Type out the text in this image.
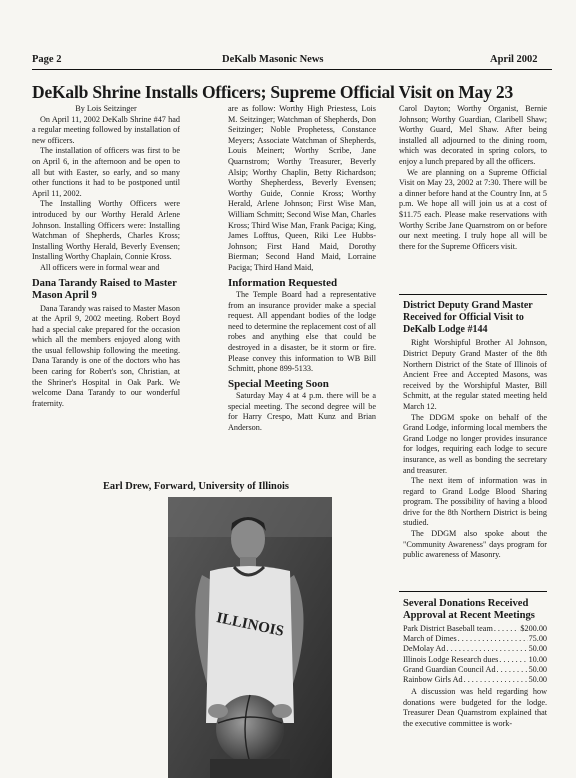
Page 2	DeKalb Masonic News	April 2002
DeKalb Shrine Installs Officers; Supreme Official Visit on May 23

By Lois Seitzinger

On April 11, 2002 DeKalb Shrine #47 had a regular meeting followed by installation of new officers.

The installation of officers was first to be on April 6, in the afternoon and be open to all but with Easter, so early, and so many other functions it had to be postponed until April 11, 2002.

The Installing Worthy Officers were introduced by our Worthy Herald Arlene Johnson. Installing Officers were: Installing Watchman of Shepherds, Charles Kross; Installing Worthy Herald, Beverly Evensen; Installing Worthy Chaplain, Connie Kross.

All officers were in formal wear and

Dana Tarandy Raised to Master Mason April 9

Dana Tarandy was raised to Master Mason at the April 9, 2002 meeting. Robert Boyd had a special cake prepared for the occasion which all the members enjoyed along with the usual fellowship following the meeting. Dana Tarandy is one of the doctors who has been caring for Robert's son, Christian, at the Shriner's Hospital in Oak Park. We welcome Dana Tarandy to our wonderful fraternity.

are as follow: Worthy High Priestess, Lois M. Seitzinger; Watchman of Shepherds, Don Seitzinger; Noble Prophetess, Constance Meyers; Associate Watchman of Shepherds, Louis Meinert; Worthy Scribe, Jane Quarnstrom; Worthy Treasurer, Beverly Alsip; Worthy Chaplin, Betty Richardson; Worthy Shepherdess, Beverly Evensen; Worthy Guide, Connie Kross; Worthy Herald, Arlene Johnson; First Wise Man, William Schmitt; Second Wise Man, Charles Kross; Third Wise Man, Frank Paciga; King, James Lofftus, Queen, Riki Lee Hubbs-Johnson; First Hand Maid, Dorothy Bierman; Second Hand Maid, Lorraine Paciga; Third Hand Maid,

Information Requested

The Temple Board had a representative from an insurance provider make a special request. All appendant bodies of the lodge need to determine the replacement cost of all robes and anything else that could be destroyed in a disaster, be it storm or fire. Please convey this information to WB Bill Schmitt, phone 899-5133.

Special Meeting Soon

Saturday May 4 at 4 p.m. there will be a special meeting. The second degree will be for Harry Crespo, Matt Kunz and Brian Anderson.

Carol Dayton; Worthy Organist, Bernie Johnson; Worthy Guardian, Claribell Shaw; Worthy Guard, Mel Shaw. After being installed all adjourned to the dining room, which was decorated in spring colors, to enjoy a lunch prepared by all the officers.

We are planning on a Supreme Official Visit on May 23, 2002 at 7:30. There will be a dinner before hand at the Country Inn, at 5 p.m. We hope all will join us at a cost of $11.75 each. Please make reservations with Worthy Scribe Jane Quarnstrom on or before our next meeting. I truly hope all will be there for the Supreme Officers visit.

District Deputy Grand Master Received for Official Visit to DeKalb Lodge #144

Right Worshipful Brother Al Johnson, District Deputy Grand Master of the 8th Northern District of the State of Illinois of Ancient Free and Accepted Masons, was received by the Worshipful Master, Bill Schmitt, at the regular stated meeting held March 12.

The DDGM spoke on behalf of the Grand Lodge, informing local members the Grand Lodge no longer provides insurance for lodges, requiring each lodge to secure insurance, as well as bonding the secretary and treasurer.

The next item of information was in regard to Grand Lodge Blood Sharing program. The possibility of having a blood drive for the 8th Northern District is being studied.

The DDGM also spoke about the "Community Awareness" days program for public awareness of Masonry.

Several Donations Received Approval at Recent Meetings
Park District Baseball team . . .	$200.00
March of Dimes . . .	75.00
DeMolay Ad . . .	50.00
Illinois Lodge Research dues . . .	10.00
Grand Guardian Council Ad . . .	50.00
Rainbow Girls Ad . . .	50.00

A discussion was held regarding how donations were budgeted for the lodge. Treasurer Dean Quarnstrom explained that the executive committee is work-

Earl Drew, Forward, University of Illinois
ILLINOIS
